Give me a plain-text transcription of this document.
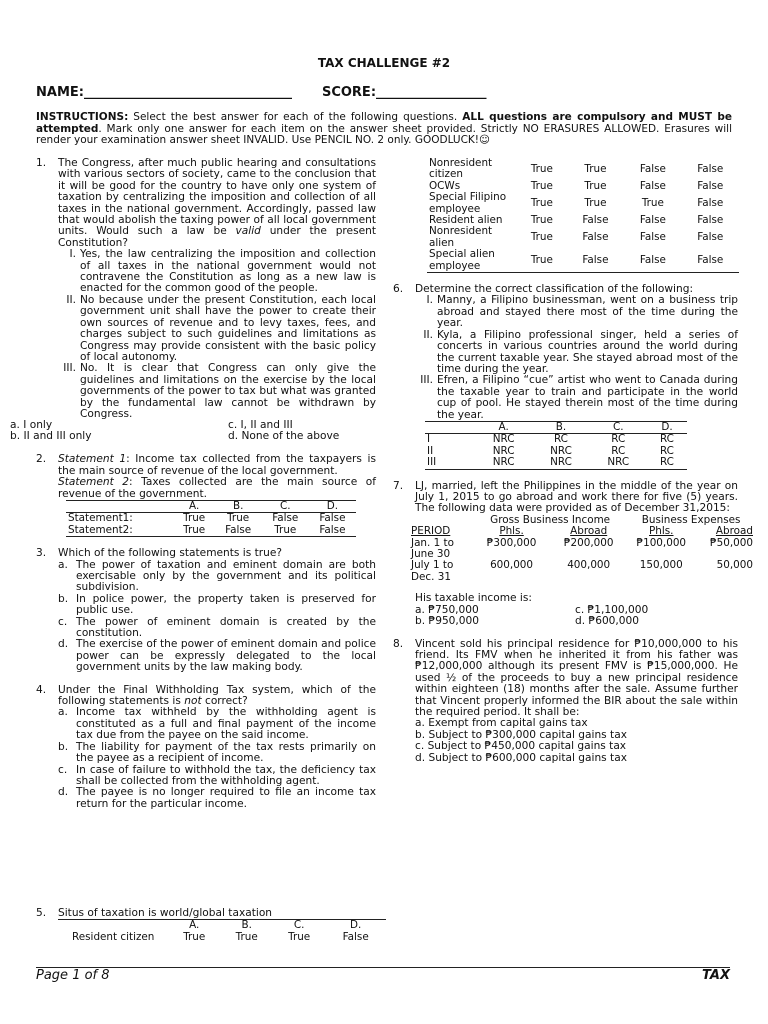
TAX CHALLENGE #2
NAME:________________________________ SCORE:_________________
INSTRUCTIONS: Select the best answer for each of the following questions. ALL questions are compulsory and MUST be attempted. Mark only one answer for each item on the answer sheet provided. Strictly NO ERASURES ALLOWED. Erasures will render your examination answer sheet INVALID. Use PENCIL NO. 2 only. GOODLUCK!☺
1. The Congress, after much public hearing and consultations with various sectors of society, came to the conclusion that it will be good for the country to have only one system of taxation by centralizing the imposition and collection of all taxes in the national government. Accordingly, passed law that would abolish the taxing power of all local government units. Would such a law be valid under the present Constitution?
I. Yes, the law centralizing the imposition and collection of all taxes in the national government would not contravene the Constitution as long as a new law is enacted for the common good of the people.
II. No because under the present Constitution, each local government unit shall have the power to create their own sources of revenue and to levy taxes, fees, and charges subject to such guidelines and limitations as Congress may provide consistent with the basic policy of local autonomy.
III. No. It is clear that Congress can only give the guidelines and limitations on the exercise by the local governments of the power to tax but what was granted by the fundamental law cannot be withdrawn by Congress.
a. I only
b. II and III only
c. I, II and III
d. None of the above
2. Statement 1: Income tax collected from the taxpayers is the main source of revenue of the local government.
Statement 2: Taxes collected are the main source of revenue of the government.
	A.	B.	C.	D.
Statement1:	True	True	False	False
Statement2:	True	False	True	False
3. Which of the following statements is true?
a. The power of taxation and eminent domain are both exercisable only by the government and its political subdivision.
b. In police power, the property taken is preserved for public use.
c. The power of eminent domain is created by the constitution.
d. The exercise of the power of eminent domain and police power can be expressly delegated to the local government units by the law making body.
4. Under the Final Withholding Tax system, which of the following statements is not correct?
a. Income tax withheld by the withholding agent is constituted as a full and final payment of the income tax due from the payee on the said income.
b. The liability for payment of the tax rests primarily on the payee as a recipient of income.
c. In case of failure to withhold the tax, the deficiency tax shall be collected from the withholding agent.
d. The payee is no longer required to file an income tax return for the particular income.
5. Situs of taxation is world/global taxation
	A.	B.	C.	D.
Resident citizen	True	True	True	False
Nonresident citizen	True	True	False	False
OCWs	True	True	False	False
Special Filipino employee	True	True	True	False
Resident alien	True	False	False	False
Nonresident alien	True	False	False	False
Special alien employee	True	False	False	False
6. Determine the correct classification of the following:
I. Manny, a Filipino businessman, went on a business trip abroad and stayed there most of the time during the year.
II. Kyla, a Filipino professional singer, held a series of concerts in various countries around the world during the current taxable year. She stayed abroad most of the time during the year.
III. Efren, a Filipino “cue” artist who went to Canada during the taxable year to train and participate in the world cup of pool. He stayed therein most of the time during the year.
	A.	B.	C.	D.
I	NRC	RC	RC	RC
II	NRC	NRC	RC	RC
III	NRC	NRC	NRC	RC
7. LJ, married, left the Philippines in the middle of the year on July 1, 2015 to go abroad and work there for five (5) years. The following data were provided as of December 31,2015:
	Gross Business Income		Business Expenses	
PERIOD	Phls.	Abroad	Phls.	Abroad
Jan. 1 to June 30	₱300,000	₱200,000	₱100,000	₱50,000
July 1 to Dec. 31	600,000	400,000	150,000	50,000
His taxable income is:
a. ₱750,000
b. ₱950,000
c. ₱1,100,000
d. ₱600,000
8. Vincent sold his principal residence for ₱10,000,000 to his friend. Its FMV when he inherited it from his father was ₱12,000,000 although its present FMV is ₱15,000,000. He used ½ of the proceeds to buy a new principal residence within eighteen (18) months after the sale. Assume further that Vincent properly informed the BIR about the sale within the required period. It shall be:
a. Exempt from capital gains tax
b. Subject to ₱300,000 capital gains tax
c. Subject to ₱450,000 capital gains tax
d. Subject to ₱600,000 capital gains tax
Page 1 of 8	TAX
